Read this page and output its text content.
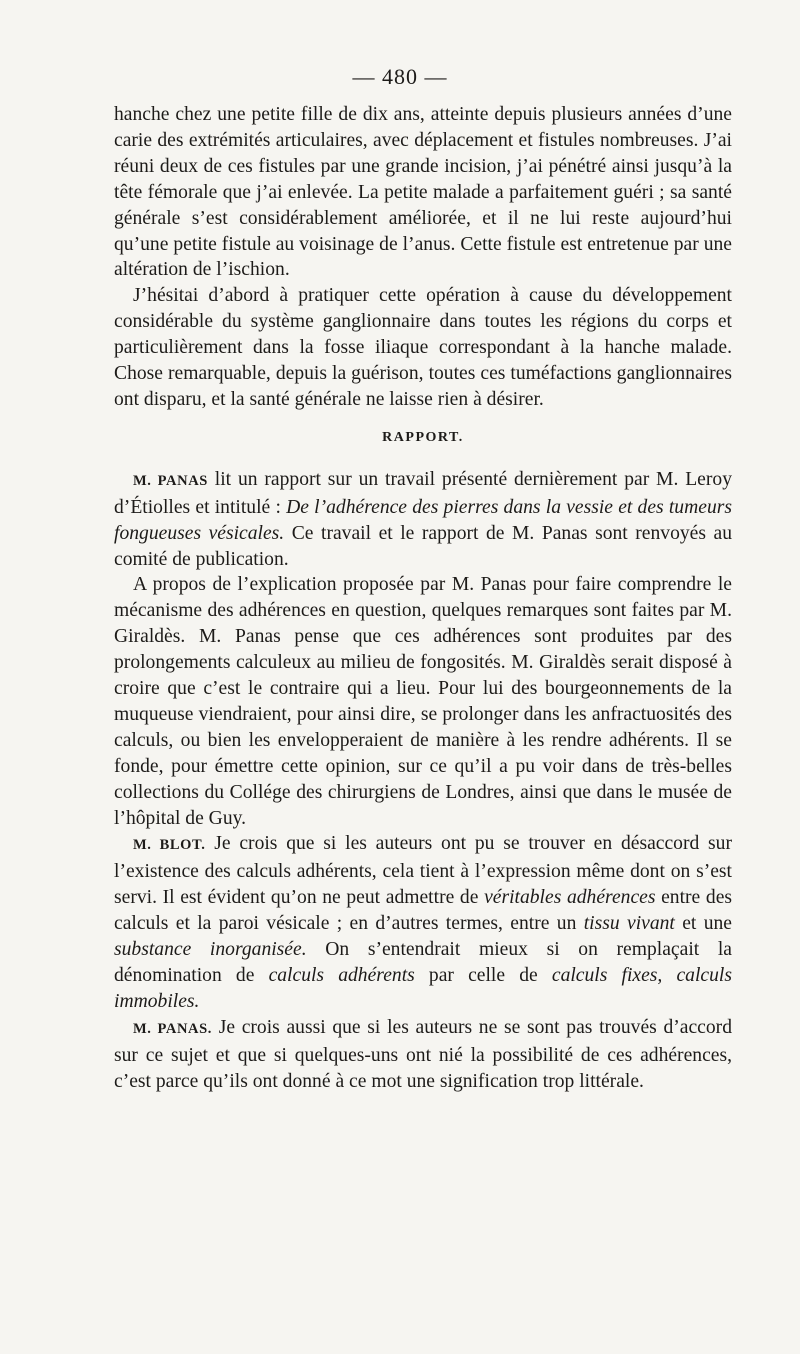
— 480 —

hanche chez une petite fille de dix ans, atteinte depuis plusieurs années d’une carie des extrémités articulaires, avec déplacement et fistules nombreuses. J’ai réuni deux de ces fistules par une grande incision, j’ai pénétré ainsi jusqu’à la tête fémorale que j’ai enlevée. La petite malade a parfaitement guéri ; sa santé générale s’est considérablement améliorée, et il ne lui reste aujourd’hui qu’une petite fistule au voisinage de l’anus. Cette fistule est entretenue par une altération de l’ischion.

J’hésitai d’abord à pratiquer cette opération à cause du développement considérable du système ganglionnaire dans toutes les régions du corps et particulièrement dans la fosse iliaque correspondant à la hanche malade. Chose remarquable, depuis la guérison, toutes ces tuméfactions ganglionnaires ont disparu, et la santé générale ne laisse rien à désirer.

RAPPORT.

M. PANAS lit un rapport sur un travail présenté dernièrement par M. Leroy d’Étiolles et intitulé : De l’adhérence des pierres dans la vessie et des tumeurs fongueuses vésicales. Ce travail et le rapport de M. Panas sont renvoyés au comité de publication.

A propos de l’explication proposée par M. Panas pour faire comprendre le mécanisme des adhérences en question, quelques remarques sont faites par M. Giraldès. M. Panas pense que ces adhérences sont produites par des prolongements calculeux au milieu de fongosités. M. Giraldès serait disposé à croire que c’est le contraire qui a lieu. Pour lui des bourgeonnements de la muqueuse viendraient, pour ainsi dire, se prolonger dans les anfractuosités des calculs, ou bien les envelopperaient de manière à les rendre adhérents. Il se fonde, pour émettre cette opinion, sur ce qu’il a pu voir dans de très-belles collections du Collége des chirurgiens de Londres, ainsi que dans le musée de l’hôpital de Guy.

M. BLOT. Je crois que si les auteurs ont pu se trouver en désaccord sur l’existence des calculs adhérents, cela tient à l’expression même dont on s’est servi. Il est évident qu’on ne peut admettre de véritables adhérences entre des calculs et la paroi vésicale ; en d’autres termes, entre un tissu vivant et une substance inorganisée. On s’entendrait mieux si on remplaçait la dénomination de calculs adhérents par celle de calculs fixes, calculs immobiles.

M. PANAS. Je crois aussi que si les auteurs ne se sont pas trouvés d’accord sur ce sujet et que si quelques-uns ont nié la possibilité de ces adhérences, c’est parce qu’ils ont donné à ce mot une signification trop littérale.
